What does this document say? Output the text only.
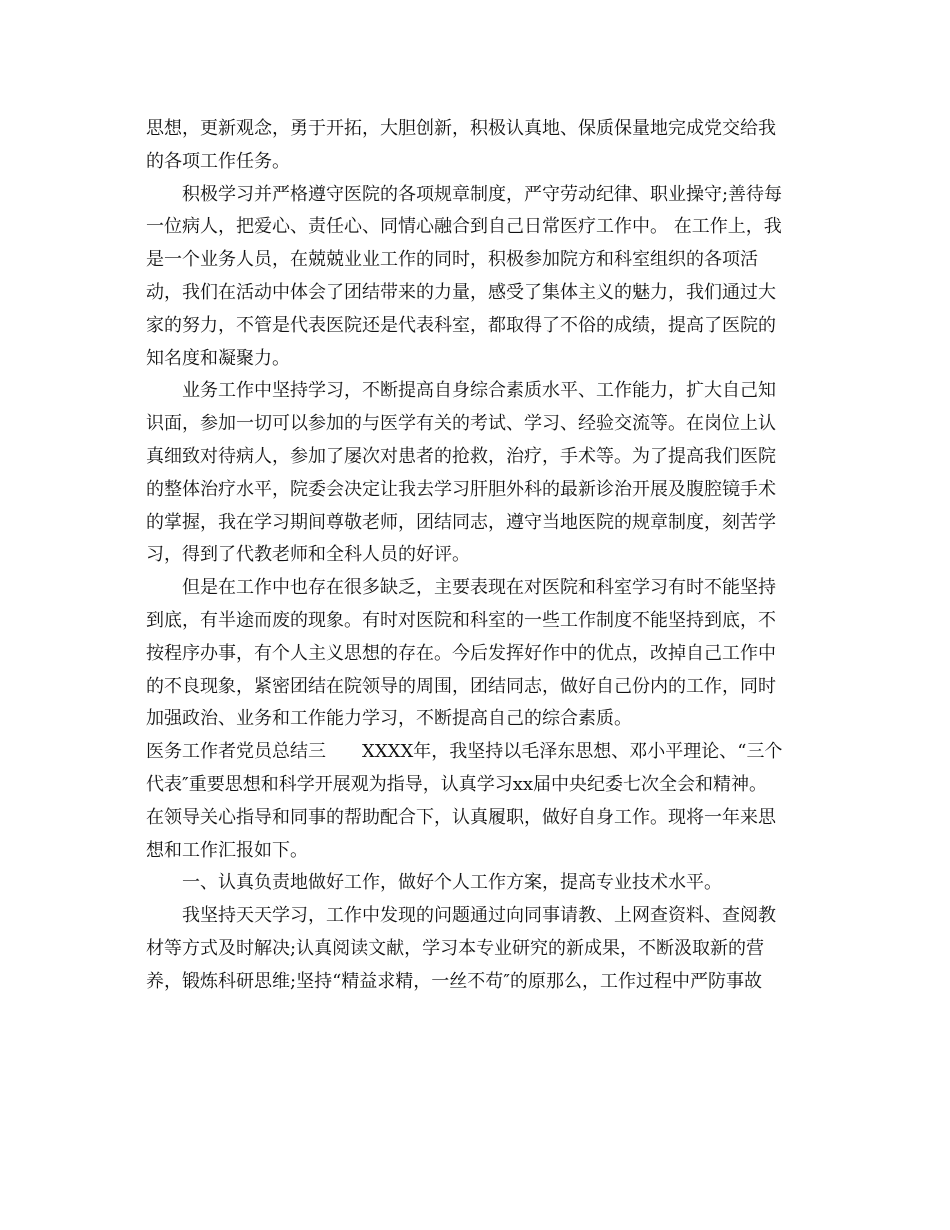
思想，更新观念，勇于开拓，大胆创新，积极认真地、保质保量地完成党交给我
的各项工作任务。
积极学习并严格遵守医院的各项规章制度，严守劳动纪律、职业操守;善待每
一位病人，把爱心、责任心、同情心融合到自己日常医疗工作中。 在工作上，我
是一个业务人员，在兢兢业业工作的同时，积极参加院方和科室组织的各项活
动，我们在活动中体会了团结带来的力量，感受了集体主义的魅力，我们通过大
家的努力，不管是代表医院还是代表科室，都取得了不俗的成绩，提高了医院的
知名度和凝聚力。
业务工作中坚持学习，不断提高自身综合素质水平、工作能力，扩大自己知
识面，参加一切可以参加的与医学有关的考试、学习、经验交流等。在岗位上认
真细致对待病人，参加了屡次对患者的抢救，治疗，手术等。为了提高我们医院
的整体治疗水平，院委会决定让我去学习肝胆外科的最新诊治开展及腹腔镜手术
的掌握，我在学习期间尊敬老师，团结同志，遵守当地医院的规章制度，刻苦学
习，得到了代教老师和全科人员的好评。
但是在工作中也存在很多缺乏，主要表现在对医院和科室学习有时不能坚持
到底，有半途而废的现象。有时对医院和科室的一些工作制度不能坚持到底，不
按程序办事，有个人主义思想的存在。今后发挥好作中的优点，改掉自己工作中
的不良现象，紧密团结在院领导的周围，团结同志，做好自己份内的工作，同时
加强政治、业务和工作能力学习，不断提高自己的综合素质。
医务工作者党员总结三 XXXX年，我坚持以毛泽东思想、邓小平理论、“三个
代表″重要思想和科学开展观为指导，认真学习xx届中央纪委七次全会和精神。
在领导关心指导和同事的帮助配合下，认真履职，做好自身工作。现将一年来思
想和工作汇报如下。
一、认真负责地做好工作，做好个人工作方案，提高专业技术水平。
我坚持天天学习，工作中发现的问题通过向同事请教、上网查资料、查阅教
材等方式及时解决;认真阅读文献，学习本专业研究的新成果，不断汲取新的营
养，锻炼科研思维;坚持“精益求精，一丝不苟″的原那么，工作过程中严防事故
